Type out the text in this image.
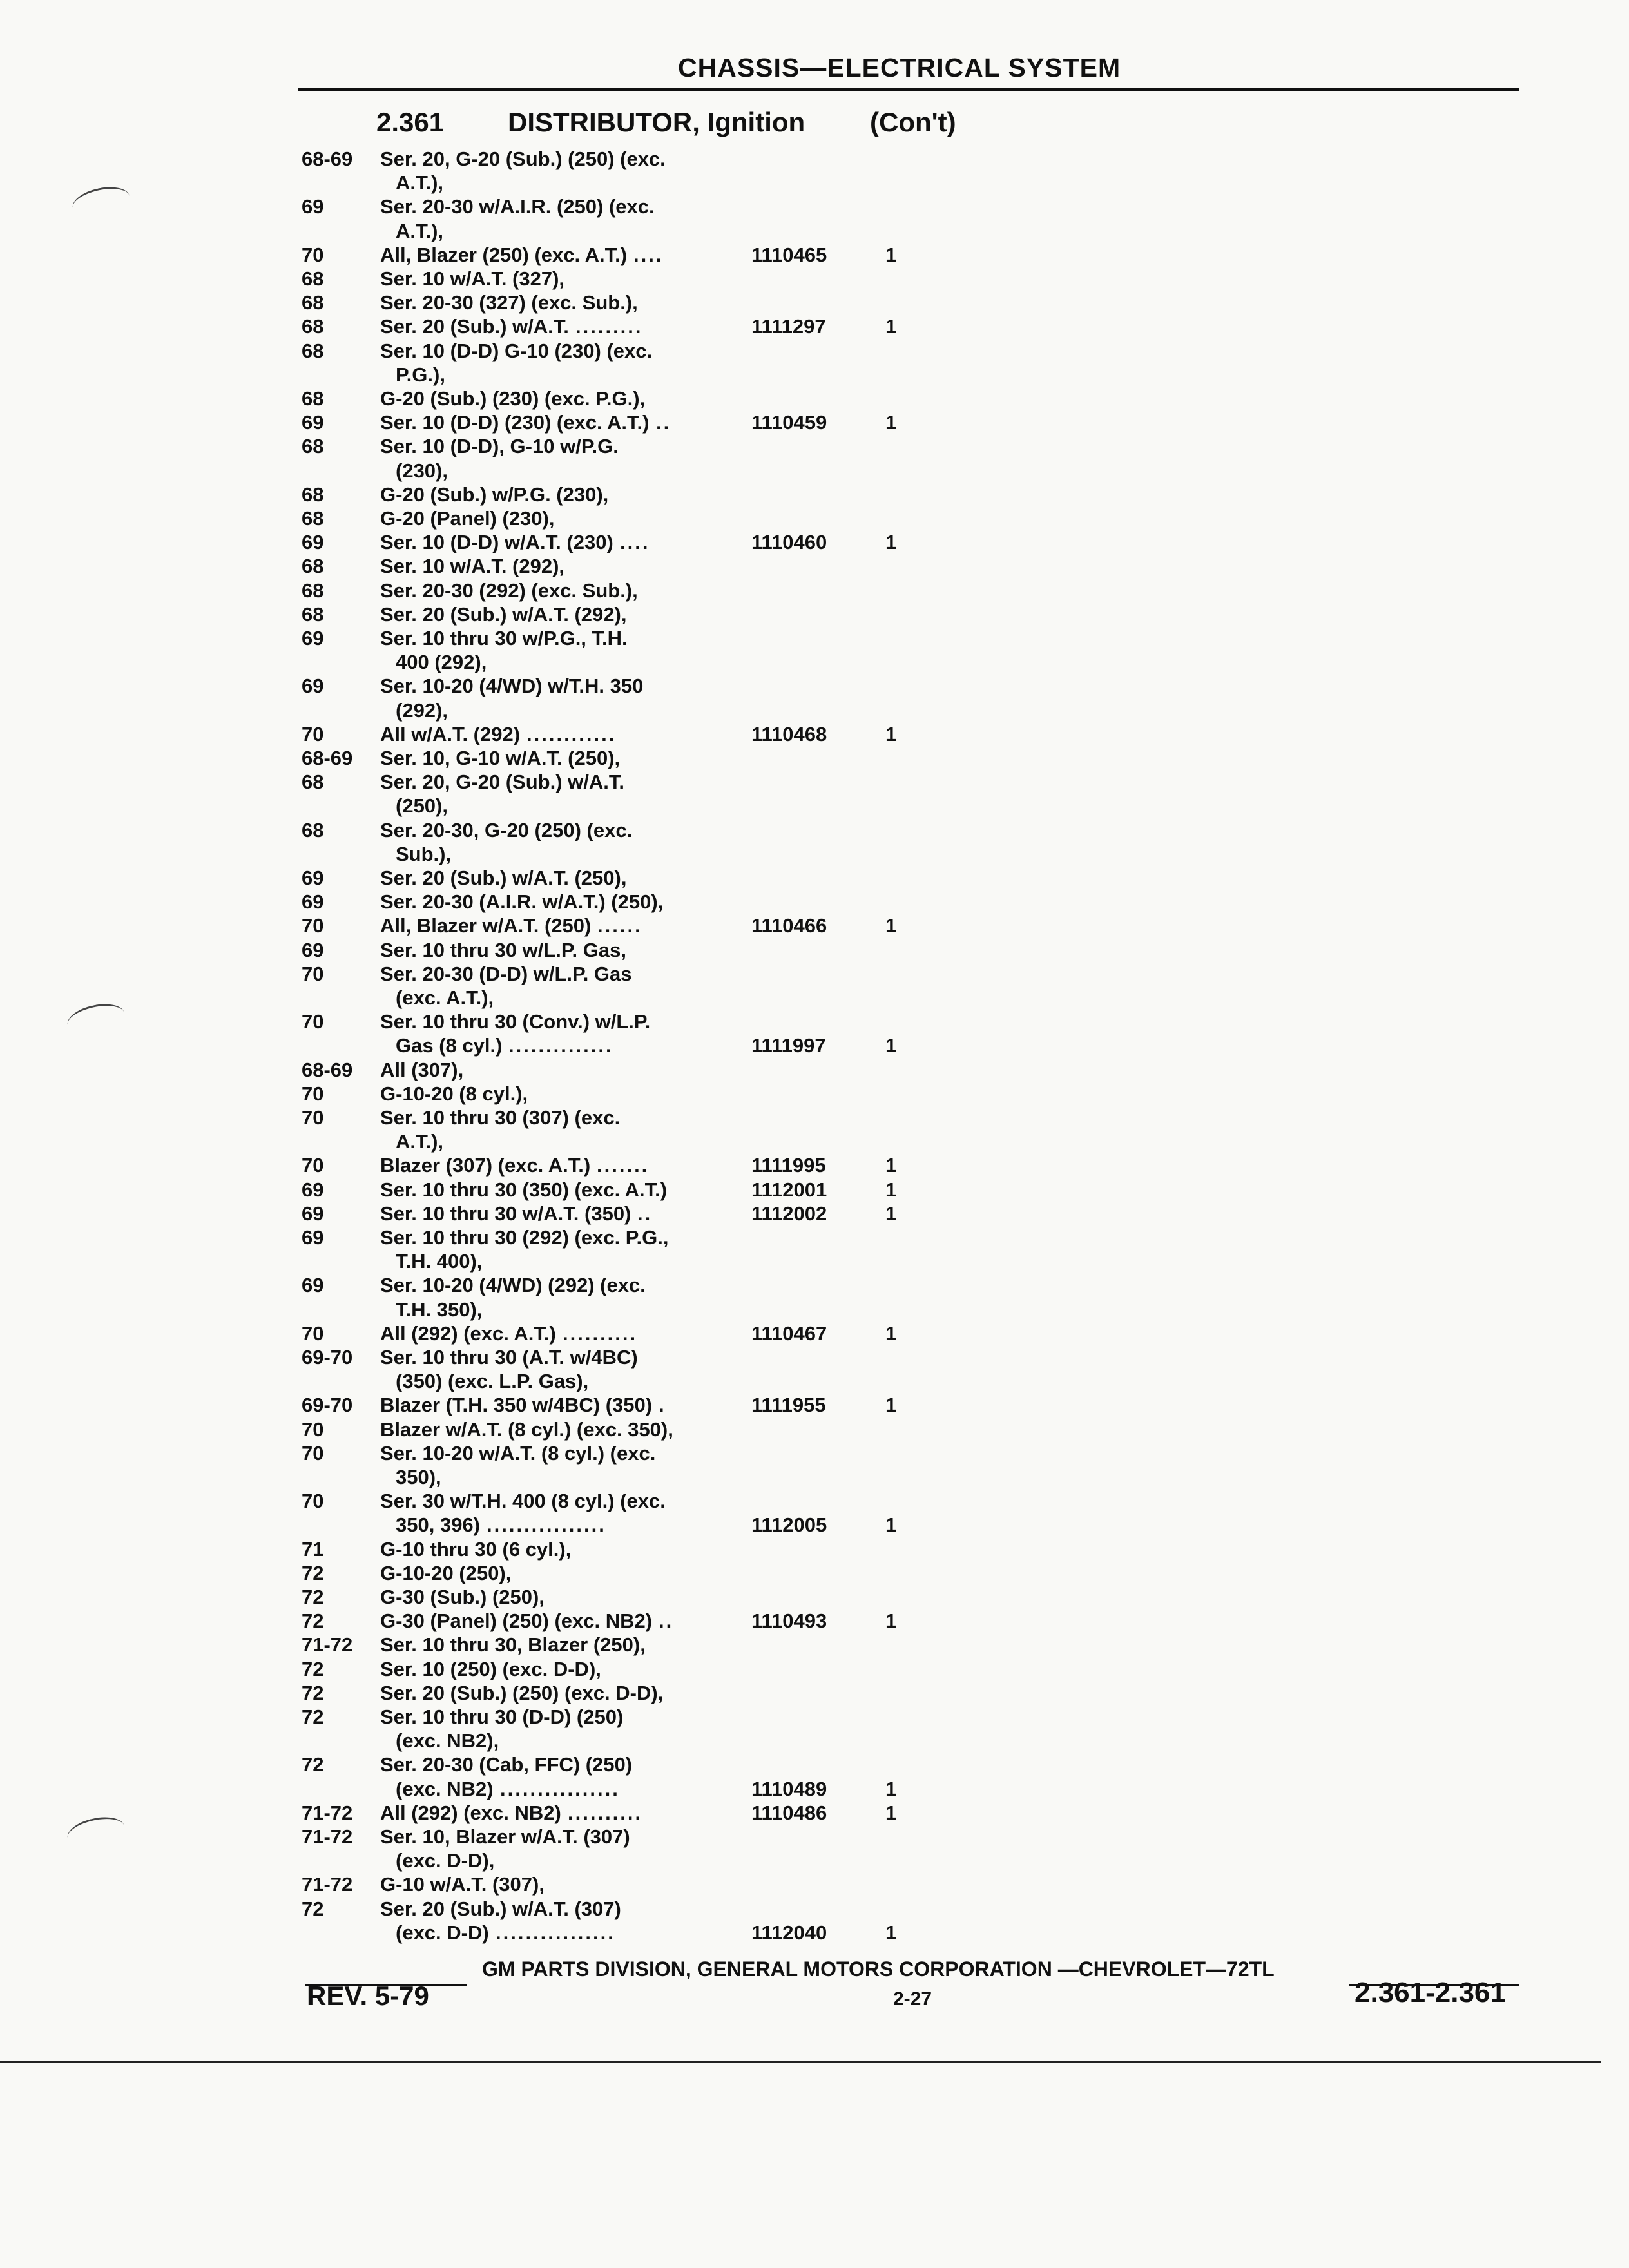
CHASSIS—ELECTRICAL SYSTEM
2.361 DISTRIBUTOR, Ignition (Con't)
68-69 Ser. 20, G-20 (Sub.) (250) (exc.
A.T.),
69	Ser. 20-30 w/A.I.R. (250) (exc.
A.T.),
70	All, Blazer (250) (exc. A.T.) ....	1110465	1
68	Ser. 10 w/A.T. (327),
68	Ser. 20-30 (327) (exc. Sub.),
68	Ser. 20 (Sub.) w/A.T. .........	1111297	1
68	Ser. 10 (D-D) G-10 (230) (exc.
P.G.),
68	G-20 (Sub.) (230) (exc. P.G.),
69	Ser. 10 (D-D) (230) (exc. A.T.) ..	1110459	1
68	Ser. 10 (D-D), G-10 w/P.G.
(230),
68	G-20 (Sub.) w/P.G. (230),
68	G-20 (Panel) (230),
69	Ser. 10 (D-D) w/A.T. (230) ....	1110460	1
68	Ser. 10 w/A.T. (292),
68	Ser. 20-30 (292) (exc. Sub.),
68	Ser. 20 (Sub.) w/A.T. (292),
69	Ser. 10 thru 30 w/P.G., T.H.
400 (292),
69	Ser. 10-20 (4/WD) w/T.H. 350
(292),
70	All w/A.T. (292) ............	1110468	1
68-69 Ser. 10, G-10 w/A.T. (250),
68	Ser. 20, G-20 (Sub.) w/A.T.
(250),
68	Ser. 20-30, G-20 (250) (exc.
Sub.),
69	Ser. 20 (Sub.) w/A.T. (250),
69	Ser. 20-30 (A.I.R. w/A.T.) (250),
70	All, Blazer w/A.T. (250) ......	1110466	1
69	Ser. 10 thru 30 w/L.P. Gas,
70	Ser. 20-30 (D-D) w/L.P. Gas
(exc. A.T.),
70	Ser. 10 thru 30 (Conv.) w/L.P.
Gas (8 cyl.) ..............	1111997	1
68-69 All (307),
70	G-10-20 (8 cyl.),
70	Ser. 10 thru 30 (307) (exc.
A.T.),
70	Blazer (307) (exc. A.T.) .......	1111995	1
69	Ser. 10 thru 30 (350) (exc. A.T.)	1112001	1
69	Ser. 10 thru 30 w/A.T. (350) ..	1112002	1
69	Ser. 10 thru 30 (292) (exc. P.G.,
T.H. 400),
69	Ser. 10-20 (4/WD) (292) (exc.
T.H. 350),
70	All (292) (exc. A.T.) ..........	1110467	1
69-70 Ser. 10 thru 30 (A.T. w/4BC)
(350) (exc. L.P. Gas),
69-70 Blazer (T.H. 350 w/4BC) (350) .	1111955	1
70	Blazer w/A.T. (8 cyl.) (exc. 350),
70	Ser. 10-20 w/A.T. (8 cyl.) (exc.
350),
70	Ser. 30 w/T.H. 400 (8 cyl.) (exc.
350, 396) ................	1112005	1
71	G-10 thru 30 (6 cyl.),
72	G-10-20 (250),
72	G-30 (Sub.) (250),
72	G-30 (Panel) (250) (exc. NB2) ..	1110493	1
71-72 Ser. 10 thru 30, Blazer (250),
72	Ser. 10 (250) (exc. D-D),
72	Ser. 20 (Sub.) (250) (exc. D-D),
72	Ser. 10 thru 30 (D-D) (250)
(exc. NB2),
72	Ser. 20-30 (Cab, FFC) (250)
(exc. NB2) ................	1110489	1
71-72 All (292) (exc. NB2) ..........	1110486	1
71-72 Ser. 10, Blazer w/A.T. (307)
(exc. D-D),
71-72 G-10 w/A.T. (307),
72	Ser. 20 (Sub.) w/A.T. (307)
(exc. D-D) ................	1112040	1
GM PARTS DIVISION, GENERAL MOTORS CORPORATION —CHEVROLET—72TL
REV. 5-79	2-27	2.361-2.361
